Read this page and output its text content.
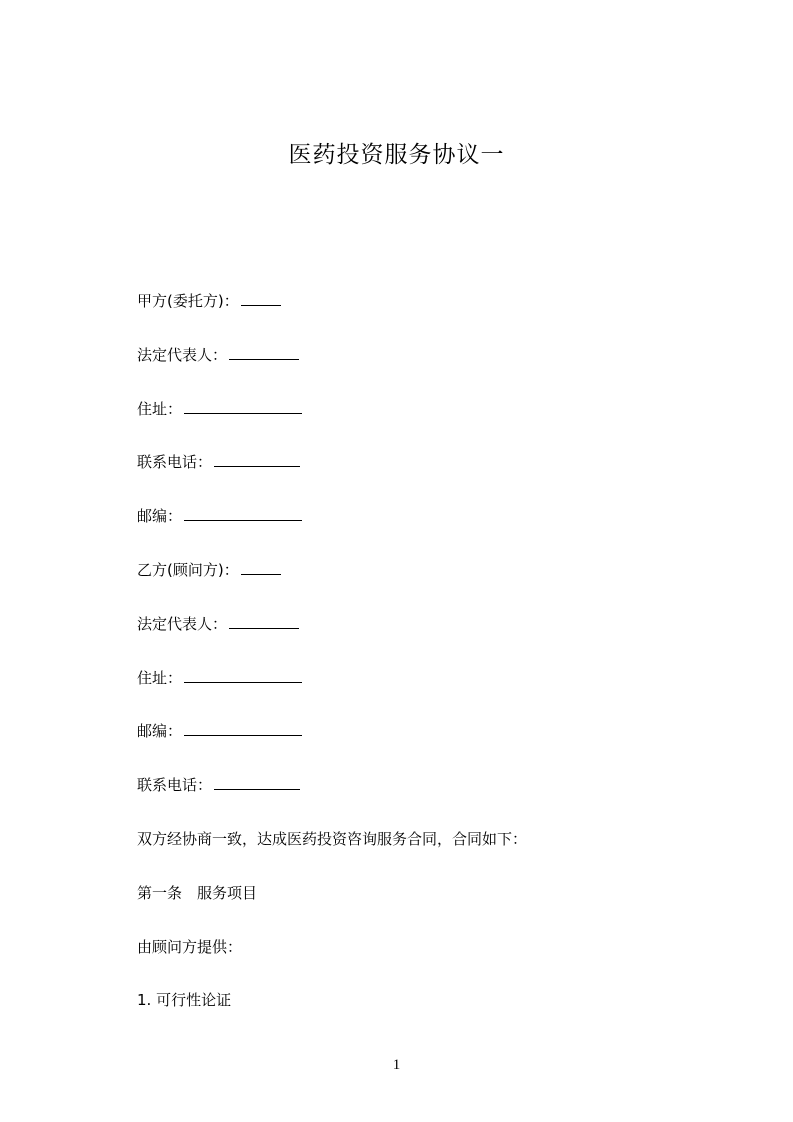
医药投资服务协议一
甲方(委托方)：
法定代表人：
住址：
联系电话：
邮编：
乙方(顾问方)：
法定代表人：
住址：
邮编：
联系电话：
双方经协商一致，达成医药投资咨询服务合同，合同如下：
第一条　服务项目
由顾问方提供：
1. 可行性论证
1
